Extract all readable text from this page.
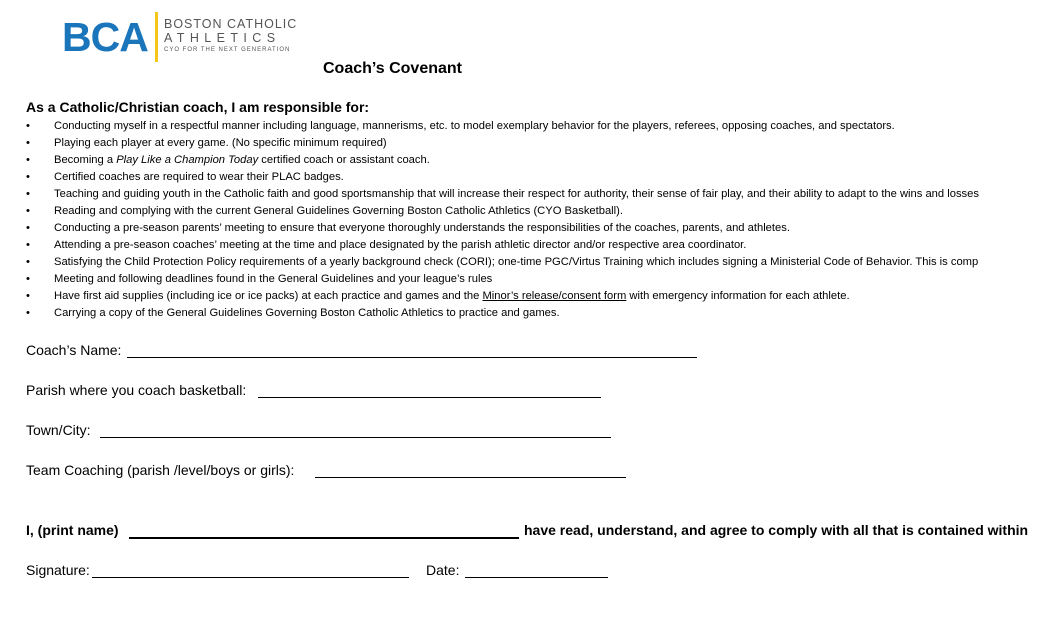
BCA BOSTON CATHOLIC
ATHLETICS
CYO FOR THE NEXT GENERATION
Coach’s Covenant
As a Catholic/Christian coach, I am responsible for:
• Conducting myself in a respectful manner including language, mannerisms, etc. to model exemplary behavior for the players, referees, opposing coaches, and spectators.
• Playing each player at every game. (No specific minimum required)
• Becoming a Play Like a Champion Today certified coach or assistant coach.
• Certified coaches are required to wear their PLAC badges.
• Teaching and guiding youth in the Catholic faith and good sportsmanship that will increase their respect for authority, their sense of fair play, and their ability to adapt to the wins and losses
• Reading and complying with the current General Guidelines Governing Boston Catholic Athletics (CYO Basketball).
• Conducting a pre-season parents’ meeting to ensure that everyone thoroughly understands the responsibilities of the coaches, parents, and athletes.
• Attending a pre-season coaches’ meeting at the time and place designated by the parish athletic director and/or respective area coordinator.
• Satisfying the Child Protection Policy requirements of a yearly background check (CORI); one-time PGC/Virtus Training which includes signing a Ministerial Code of Behavior. This is comp
• Meeting and following deadlines found in the General Guidelines and your league’s rules
• Have first aid supplies (including ice or ice packs) at each practice and games and the Minor’s release/consent form with emergency information for each athlete.
• Carrying a copy of the General Guidelines Governing Boston Catholic Athletics to practice and games.
Coach’s Name:
Parish where you coach basketball:
Town/City:
Team Coaching (parish /level/boys or girls):
I, (print name)	have read, understand, and agree to comply with all that is contained within
Signature:	Date:
